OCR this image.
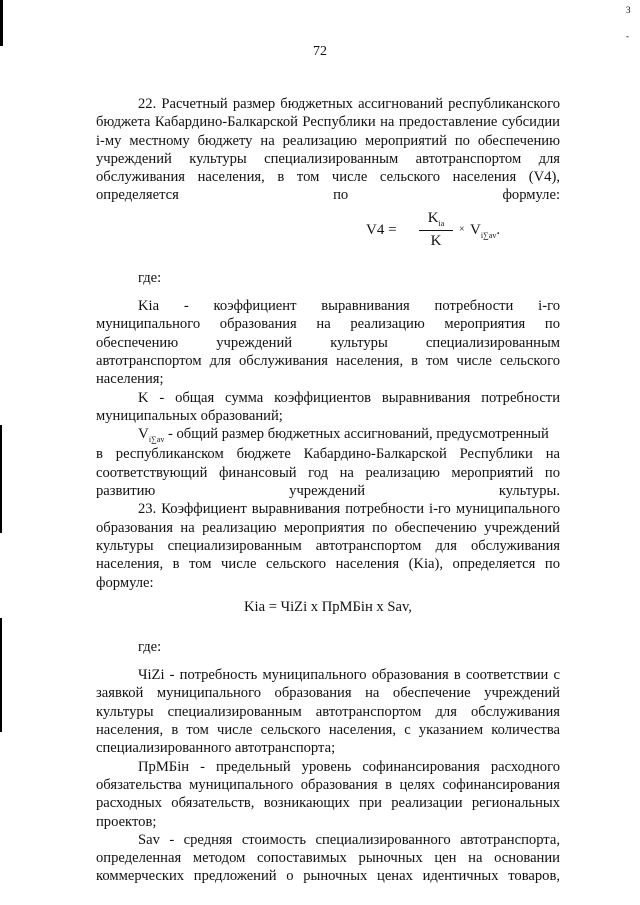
3
-
72

22. Расчетный размер бюджетных ассигнований республиканского бюджета Кабардино-Балкарской Республики на предоставление субсидии i-му местному бюджету на реализацию мероприятий по обеспечению учреждений культуры специализированным автотранспортом для обслуживания населения, в том числе сельского населения (V4), определяется по формуле:

V4 =
$K_{ia}$
K
× $V_{i\sum av}$.

где:

Kia - коэффициент выравнивания потребности i-го муниципального образования на реализацию мероприятия по обеспечению учреждений культуры специализированным автотранспортом для обслуживания населения, в том числе сельского населения;

K - общая сумма коэффициентов выравнивания потребности муниципальных образований;

$V_{i\sum av}$ - общий размер бюджетных ассигнований, предусмотренный

в республиканском бюджете Кабардино-Балкарской Республики на соответствующий финансовый год на реализацию мероприятий по развитию учреждений культуры.

23. Коэффициент выравнивания потребности i-го муниципального образования на реализацию мероприятия по обеспечению учреждений культуры специализированным автотранспортом для обслуживания населения, в том числе сельского населения (Kia), определяется по формуле:

Kia = ЧiZi x ПрМБiн x Sav,

где:

ЧiZi - потребность муниципального образования в соответствии с заявкой муниципального образования на обеспечение учреждений культуры специализированным автотранспортом для обслуживания населения, в том числе сельского населения, с указанием количества специализированного автотранспорта;

ПрМБiн - предельный уровень софинансирования расходного обязательства муниципального образования в целях софинансирования расходных обязательств, возникающих при реализации региональных проектов;

Sav - средняя стоимость специализированного автотранспорта, определенная методом сопоставимых рыночных цен на основании коммерческих предложений о рыночных ценах идентичных товаров,
